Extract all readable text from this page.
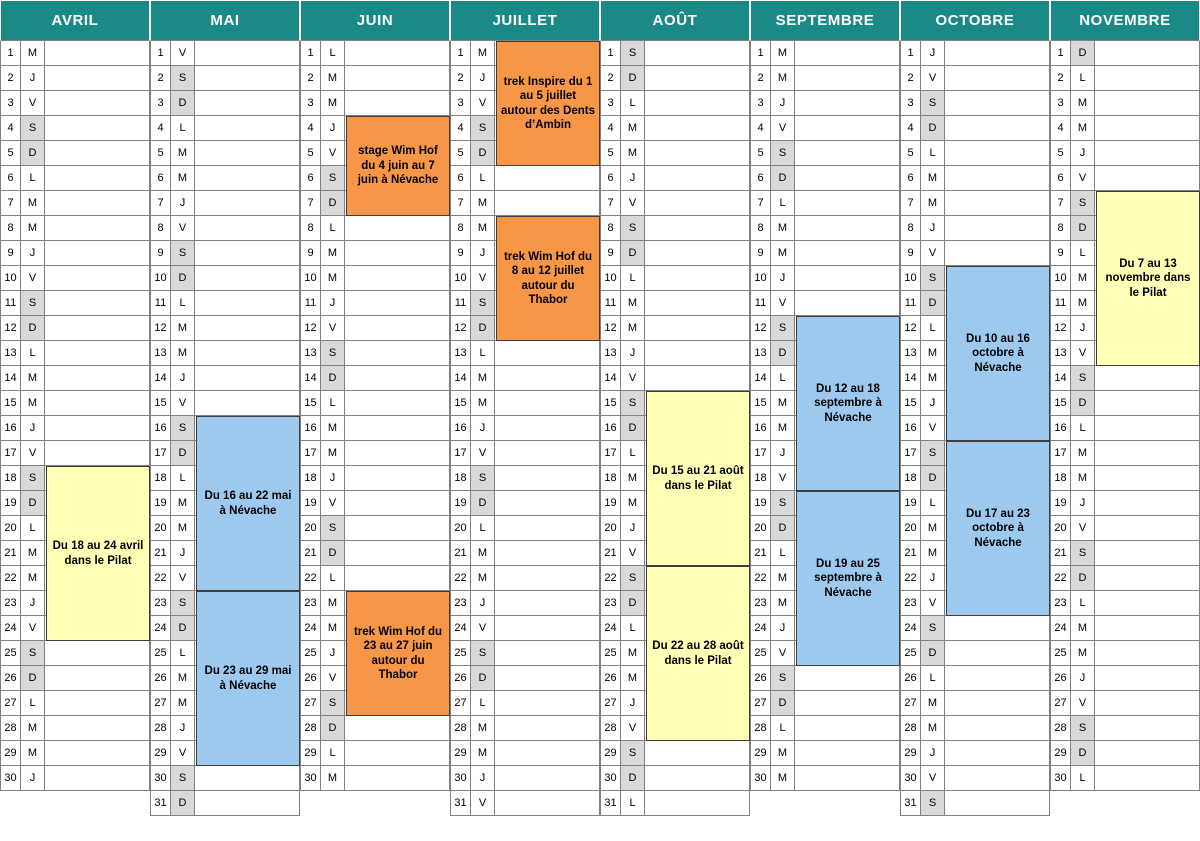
AVRIL
1	M
2	J
3	V
4	S
5	D
6	L
7	M
8	M
9	J
10	V
11	S
12	D
13	L
14	M
15	M
16	J
17	V
18	S
19	D
20	L
21	M
22	M
23	J
24	V
25	S
26	D
27	L
28	M
29	M
30	J
Du 18 au 24 avril dans le Pilat
MAI
1	V
2	S
3	D
4	L
5	M
6	M
7	J
8	V
9	S
10	D
11	L
12	M
13	M
14	J
15	V
16	S
17	D
18	L
19	M
20	M
21	J
22	V
23	S
24	D
25	L
26	M
27	M
28	J
29	V
30	S
31	D
Du 16 au 22 mai à Névache
Du 23 au 29 mai à Névache
JUIN
1	L
2	M
3	M
4	J
5	V
6	S
7	D
8	L
9	M
10	M
11	J
12	V
13	S
14	D
15	L
16	M
17	M
18	J
19	V
20	S
21	D
22	L
23	M
24	M
25	J
26	V
27	S
28	D
29	L
30	M
stage Wim Hof du 4 juin au 7 juin à Névache
trek Wim Hof du 23 au 27 juin autour du Thabor
JUILLET
1	M
2	J
3	V
4	S
5	D
6	L
7	M
8	M
9	J
10	V
11	S
12	D
13	L
14	M
15	M
16	J
17	V
18	S
19	D
20	L
21	M
22	M
23	J
24	V
25	S
26	D
27	L
28	M
29	M
30	J
31	V
trek Inspire du 1 au 5 juillet autour des Dents d’Ambin
trek Wim Hof du 8 au 12 juillet autour du Thabor
AOÛT
1	S
2	D
3	L
4	M
5	M
6	J
7	V
8	S
9	D
10	L
11	M
12	M
13	J
14	V
15	S
16	D
17	L
18	M
19	M
20	J
21	V
22	S
23	D
24	L
25	M
26	M
27	J
28	V
29	S
30	D
31	L
Du 15 au 21 août dans le Pilat
Du 22 au 28 août dans le Pilat
SEPTEMBRE
1	M
2	M
3	J
4	V
5	S
6	D
7	L
8	M
9	M
10	J
11	V
12	S
13	D
14	L
15	M
16	M
17	J
18	V
19	S
20	D
21	L
22	M
23	M
24	J
25	V
26	S
27	D
28	L
29	M
30	M
Du 12 au 18 septembre à Névache
Du 19 au 25 septembre à Névache
OCTOBRE
1	J
2	V
3	S
4	D
5	L
6	M
7	M
8	J
9	V
10	S
11	D
12	L
13	M
14	M
15	J
16	V
17	S
18	D
19	L
20	M
21	M
22	J
23	V
24	S
25	D
26	L
27	M
28	M
29	J
30	V
31	S
Du 10 au 16 octobre à Névache
Du 17 au 23 octobre à Névache
NOVEMBRE
1	D
2	L
3	M
4	M
5	J
6	V
7	S
8	D
9	L
10	M
11	M
12	J
13	V
14	S
15	D
16	L
17	M
18	M
19	J
20	V
21	S
22	D
23	L
24	M
25	M
26	J
27	V
28	S
29	D
30	L
Du 7 au 13 novembre dans le Pilat
